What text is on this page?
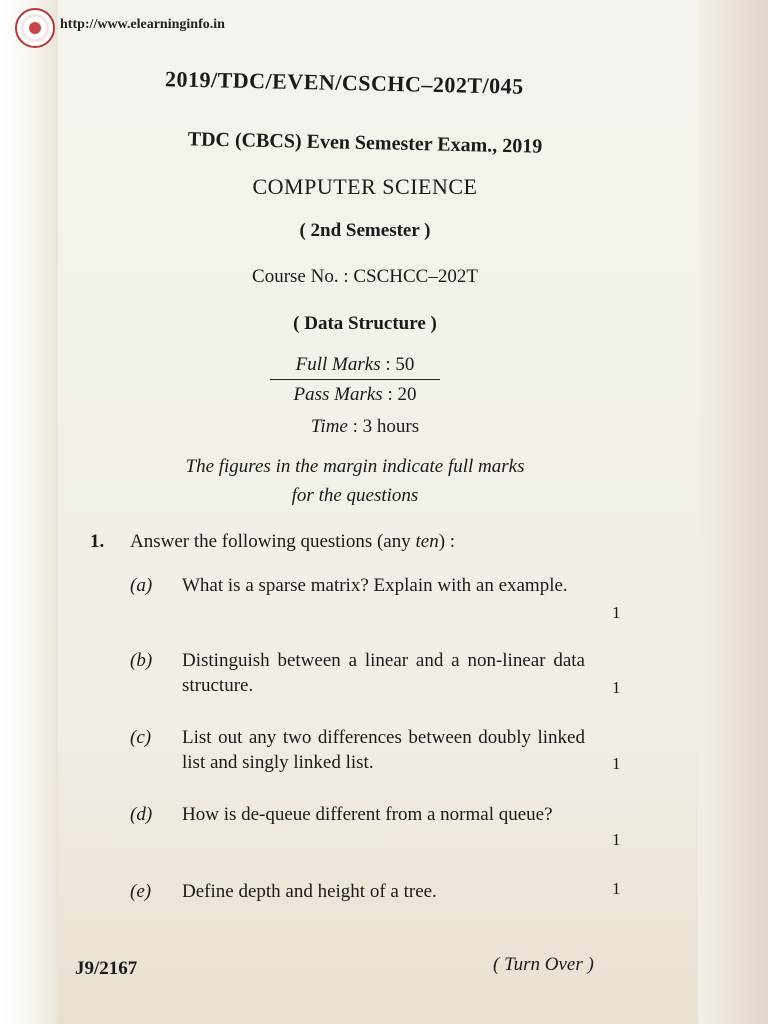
http://www.elearninginfo.in
2019/TDC/EVEN/CSCHC–202T/045
TDC (CBCS) Even Semester Exam., 2019
COMPUTER SCIENCE
( 2nd Semester )
Course No. : CSCHCC–202T
( Data Structure )
Full Marks : 50
Pass Marks : 20
Time : 3 hours
The figures in the margin indicate full marks
for the questions
1. Answer the following questions (any ten) :
(a) What is a sparse matrix? Explain with an example.
1
(b) Distinguish between a linear and a non-linear data structure.	1
(c) List out any two differences between doubly linked list and singly linked list.	1
(d) How is de-queue different from a normal queue?
1
(e) Define depth and height of a tree.	1
J9/2167	( Turn Over )
